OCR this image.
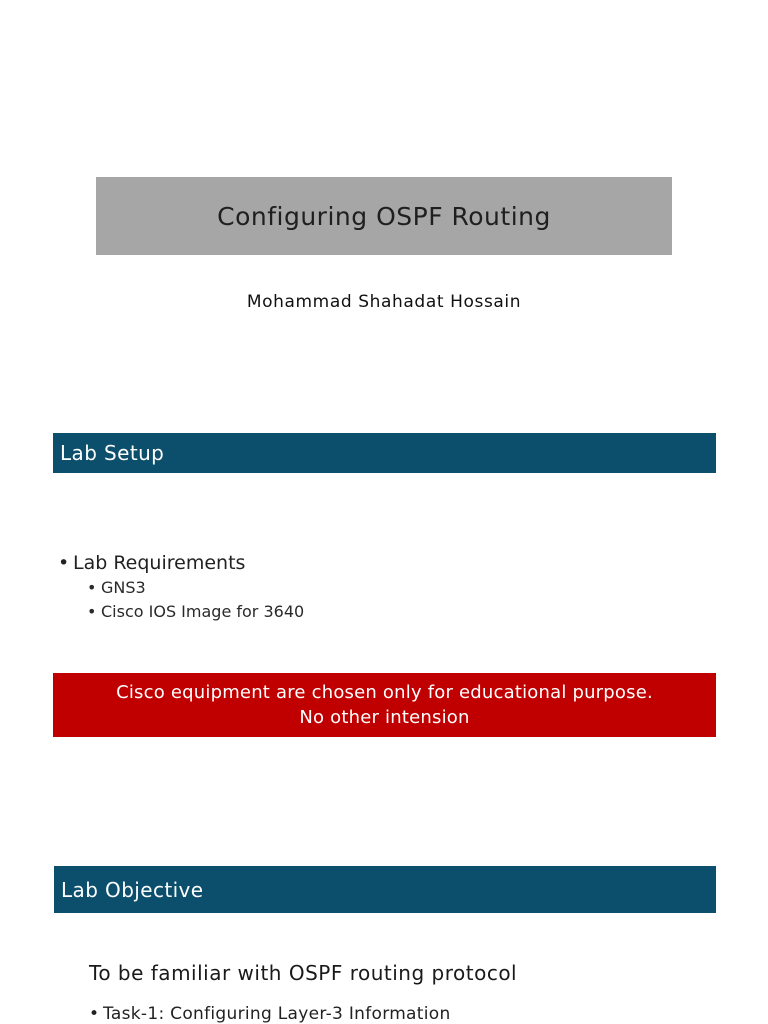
Configuring OSPF Routing
Mohammad Shahadat Hossain
Lab Setup
• Lab Requirements
• GNS3
• Cisco IOS Image for 3640
Cisco equipment are chosen only for educational purpose.
No other intension
Lab Objective
To be familiar with OSPF routing protocol
• Task-1: Configuring Layer-3 Information
